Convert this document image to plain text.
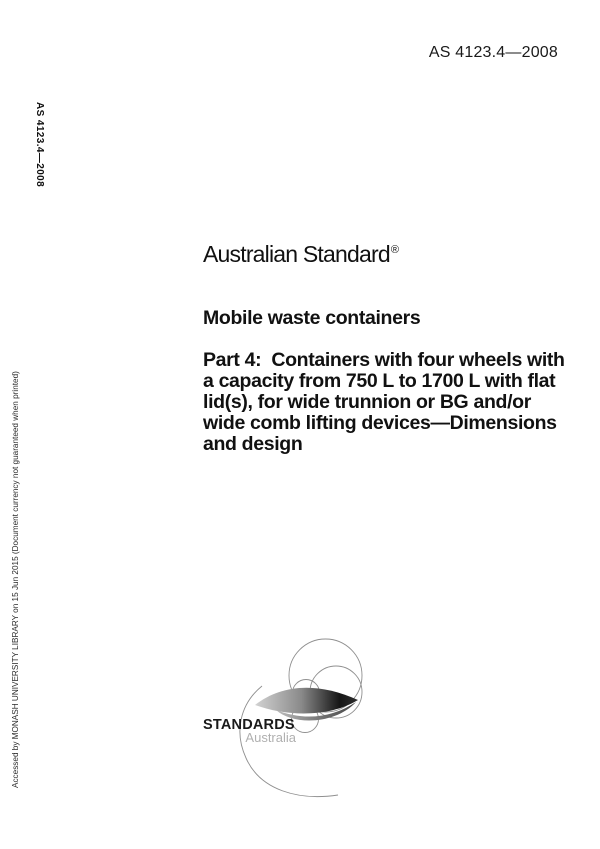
AS 4123.4—2008
AS 4123.4—2008
Accessed by MONASH UNIVERSITY LIBRARY on 15 Jun 2015 (Document currency not guaranteed when printed)
Australian Standard®
Mobile waste containers
Part 4:  Containers with four wheels with
a capacity from 750 L to 1700 L with flat
lid(s), for wide trunnion or BG and/or
wide comb lifting devices—Dimensions
and design
STANDARDS
Australia
